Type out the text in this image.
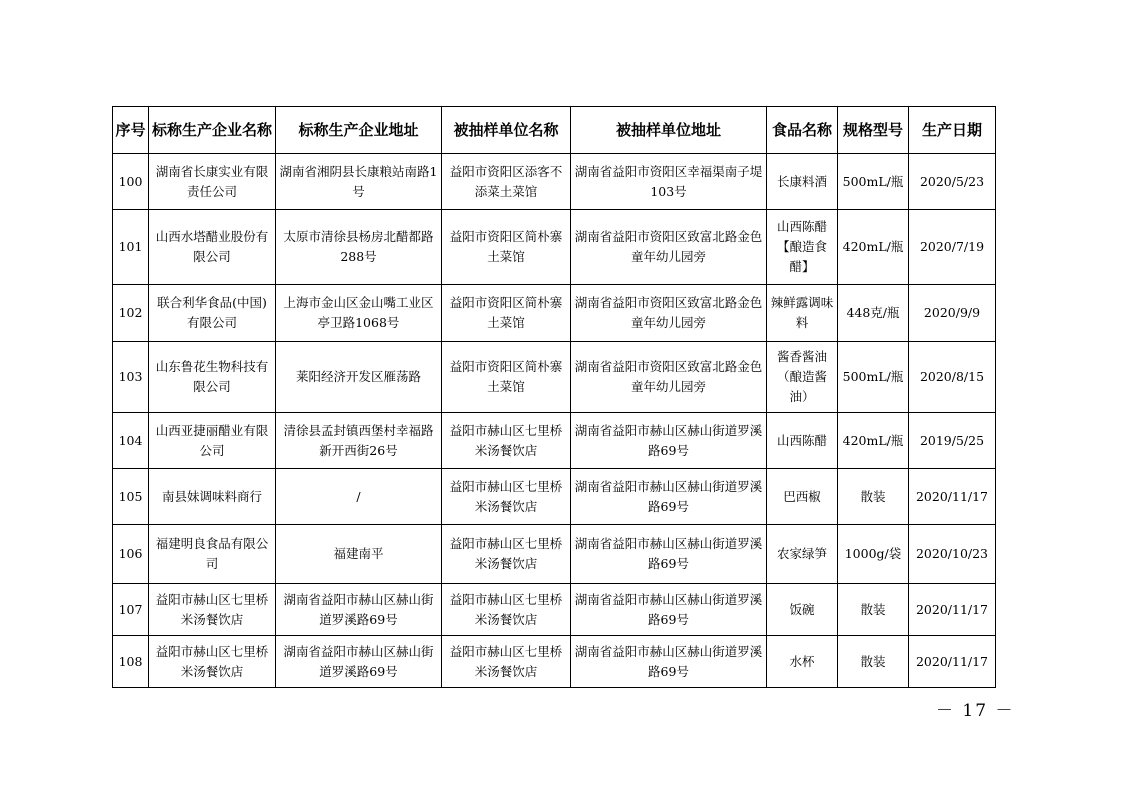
序号	标称生产企业名称	标称生产企业地址	被抽样单位名称	被抽样单位地址	食品名称	规格型号	生产日期
100	湖南省长康实业有限责任公司	湖南省湘阴县长康粮站南路1号	益阳市资阳区添客不添菜土菜馆	湖南省益阳市资阳区幸福渠南子堤103号	长康料酒	500mL/瓶	2020/5/23
101	山西水塔醋业股份有限公司	太原市清徐县杨房北醋都路288号	益阳市资阳区简朴寨土菜馆	湖南省益阳市资阳区致富北路金色童年幼儿园旁	山西陈醋【酿造食醋】	420mL/瓶	2020/7/19
102	联合利华食品(中国)有限公司	上海市金山区金山嘴工业区亭卫路1068号	益阳市资阳区简朴寨土菜馆	湖南省益阳市资阳区致富北路金色童年幼儿园旁	辣鲜露调味料	448克/瓶	2020/9/9
103	山东鲁花生物科技有限公司	莱阳经济开发区雁荡路	益阳市资阳区简朴寨土菜馆	湖南省益阳市资阳区致富北路金色童年幼儿园旁	酱香酱油（酿造酱油）	500mL/瓶	2020/8/15
104	山西亚捷丽醋业有限公司	清徐县孟封镇西堡村幸福路新开西街26号	益阳市赫山区七里桥米汤餐饮店	湖南省益阳市赫山区赫山街道罗溪路69号	山西陈醋	420mL/瓶	2019/5/25
105	南县妹调味料商行	/	益阳市赫山区七里桥米汤餐饮店	湖南省益阳市赫山区赫山街道罗溪路69号	巴西椒	散装	2020/11/17
106	福建明良食品有限公司	福建南平	益阳市赫山区七里桥米汤餐饮店	湖南省益阳市赫山区赫山街道罗溪路69号	农家绿笋	1000g/袋	2020/10/23
107	益阳市赫山区七里桥米汤餐饮店	湖南省益阳市赫山区赫山街道罗溪路69号	益阳市赫山区七里桥米汤餐饮店	湖南省益阳市赫山区赫山街道罗溪路69号	饭碗	散装	2020/11/17
108	益阳市赫山区七里桥米汤餐饮店	湖南省益阳市赫山区赫山街道罗溪路69号	益阳市赫山区七里桥米汤餐饮店	湖南省益阳市赫山区赫山街道罗溪路69号	水杯	散装	2020/11/17
－ 17 －
